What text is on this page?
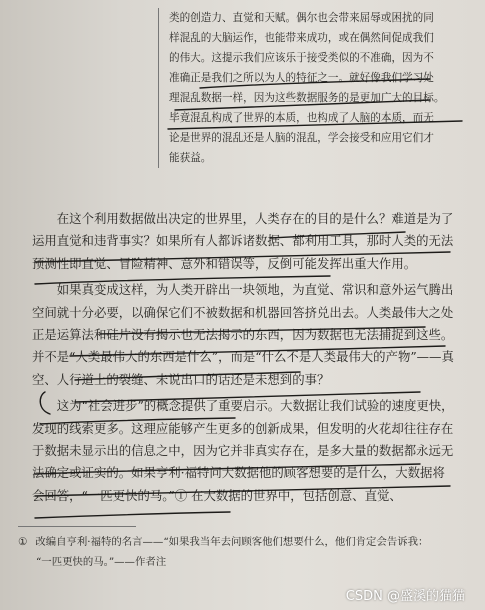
类的创造力、直觉和天赋。偶尔也会带来屈辱或困扰的同

样混乱的大脑运作，也能带来成功，或在偶然间促成我们

的伟大。这提示我们应该乐于接受类似的不准确，因为不

准确正是我们之所以为人的特征之一。就好像我们学习处

理混乱数据一样，因为这些数据服务的是更加广大的目标。

毕竟混乱构成了世界的本质，也构成了人脑的本质，而无

论是世界的混乱还是人脑的混乱，学会接受和应用它们才

能获益。

在这个利用数据做出决定的世界里，人类存在的目的是什么？难道是为了运用直觉和违背事实？如果所有人都诉诸数据、都利用工具，那时人类的无法预测性即直觉、冒险精神、意外和错误等，反倒可能发挥出重大作用。

如果真变成这样，为人类开辟出一块领地，为直觉、常识和意外运气腾出空间就十分必要，以确保它们不被数据和机器回答挤兑出去。人类最伟大之处正是运算法和硅片没有揭示也无法揭示的东西，因为数据也无法捕捉到这些。并不是“人类最伟大的东西是什么”，而是“什么不是人类最伟大的产物”——真空、人行道上的裂缝、未说出口的话还是未想到的事？

这为“社会进步”的概念提供了重要启示。大数据让我们试验的速度更快，发现的线索更多。这理应能够产生更多的创新成果，但发明的火花却往往存在于数据未显示出的信息之中，因为它并非真实存在，是多大量的数据都永远无法确定或证实的。如果亨利·福特问大数据他的顾客想要的是什么，大数据将会回答，“一匹更快的马。”① 在大数据的世界中，包括创意、直觉、

① 改编自亨利·福特的名言——“如果我当年去问顾客他们想要什么，他们肯定会告诉我：

“一匹更快的马。”——作者注

CSDN @盛溪的猫猫
